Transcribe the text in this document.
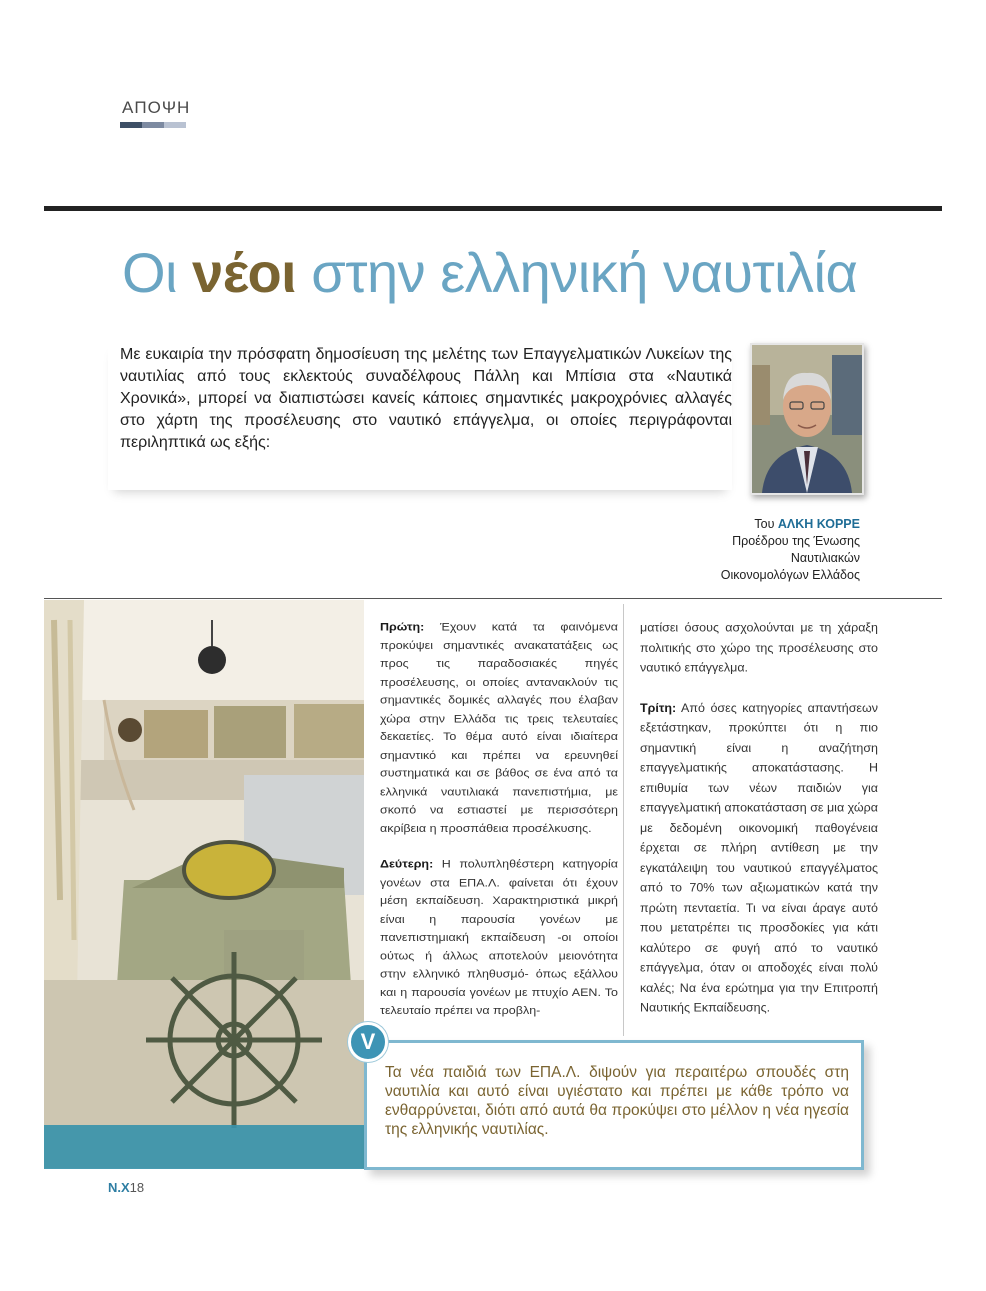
ΑΠΟΨΗ
Οι νέοι στην ελληνική ναυτιλία

Με ευκαιρία την πρόσφατη δημοσίευση της μελέτης των Επαγγελματικών Λυκείων της ναυτιλίας από τους εκλεκτούς συναδέλφους Πάλλη και Μπίσια στα «Ναυτικά Χρονικά», μπορεί να διαπιστώσει κανείς κάποιες σημαντικές μακροχρόνιες αλλαγές στο χάρτη της προσέλευσης στο ναυτικό επάγγελμα, οι οποίες περιγράφονται περιληπτικά ως εξής:

Του ΑΛΚΗ ΚΟΡΡΕ
Προέδρου της Ένωσης
Ναυτιλιακών
Οικονομολόγων Ελλάδος

Πρώτη: Έχουν κατά τα φαινόμενα προκύψει σημαντικές ανακατατάξεις ως προς τις παραδοσιακές πηγές προσέλευσης, οι οποίες αντανακλούν τις σημαντικές δομικές αλλαγές που έλαβαν χώρα στην Ελλάδα τις τρεις τελευταίες δεκαετίες. Το θέμα αυτό είναι ιδιαίτερα σημαντικό και πρέπει να ερευνηθεί συστηματικά και σε βάθος σε ένα από τα ελληνικά ναυτιλιακά πανεπιστήμια, με σκοπό να εστιαστεί με περισσότερη ακρίβεια η προσπάθεια προσέλκυσης.

Δεύτερη: Η πολυπληθέστερη κατηγορία γονέων στα ΕΠΑ.Λ. φαίνεται ότι έχουν μέση εκπαίδευση. Χαρακτηριστικά μικρή είναι η παρουσία γονέων με πανεπιστημιακή εκπαίδευση -οι οποίοι ούτως ή άλλως αποτελούν μειονότητα στην ελληνικό πληθυσμό- όπως εξάλλου και η παρουσία γονέων με πτυχίο ΑΕΝ. Το τελευταίο πρέπει να προβλη-

ματίσει όσους ασχολούνται με τη χάραξη πολιτικής στο χώρο της προσέλευσης στο ναυτικό επάγγελμα.

Τρίτη: Από όσες κατηγορίες απαντήσεων εξετάστηκαν, προκύπτει ότι η πιο σημαντική είναι η αναζήτηση επαγγελματικής αποκατάστασης. Η επιθυμία των νέων παιδιών για επαγγελματική αποκατάσταση σε μια χώρα με δεδομένη οικονομική παθογένεια έρχεται σε πλήρη αντίθεση με την εγκατάλειψη του ναυτικού επαγγέλματος από το 70% των αξιωματικών κατά την πρώτη πενταετία. Τι να είναι άραγε αυτό που μετατρέπει τις προσδοκίες για κάτι καλύτερο σε φυγή από το ναυτικό επάγγελμα, όταν οι αποδοχές είναι πολύ καλές; Να ένα ερώτημα για την Επιτροπή Ναυτικής Εκπαίδευσης.

Τα νέα παιδιά των ΕΠΑ.Λ. διψούν για περαιτέρω σπουδές στη ναυτιλία και αυτό είναι υγιέστατο και πρέπει με κάθε τρόπο να ενθαρρύνεται, διότι από αυτά θα προκύψει στο μέλλον η νέα ηγεσία της ελληνικής ναυτιλίας.

V
Ν.Χ18
